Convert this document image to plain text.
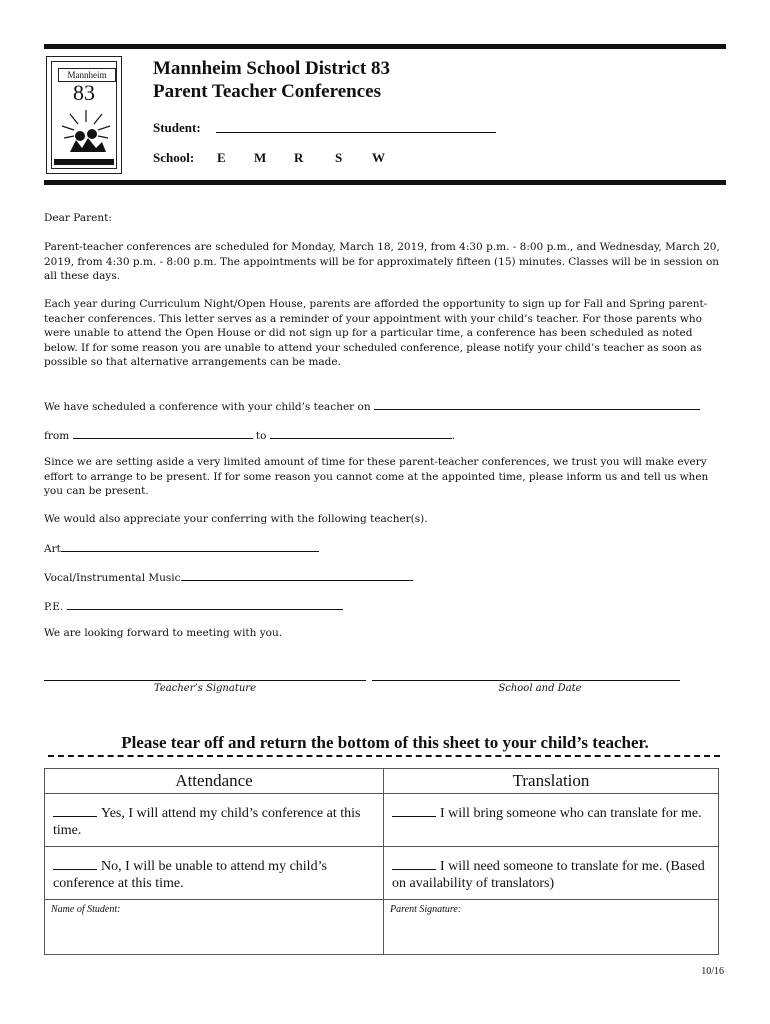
Mannheim
83
Mannheim School District 83
Parent Teacher Conferences
Student:
School: E M R S W
Dear Parent:
Parent-teacher conferences are scheduled for Monday, March 18, 2019, from 4:30 p.m. - 8:00 p.m., and Wednesday, March 20, 2019, from 4:30 p.m. - 8:00 p.m. The appointments will be for approximately fifteen (15) minutes. Classes will be in session on all these days.
Each year during Curriculum Night/Open House, parents are afforded the opportunity to sign up for Fall and Spring parent-teacher conferences. This letter serves as a reminder of your appointment with your child’s teacher. For those parents who were unable to attend the Open House or did not sign up for a particular time, a conference has been scheduled as noted below. If for some reason you are unable to attend your scheduled conference, please notify your child’s teacher as soon as possible so that alternative arrangements can be made.
We have scheduled a conference with your child’s teacher on
from	to	.
Since we are setting aside a very limited amount of time for these parent-teacher conferences, we trust you will make every effort to arrange to be present. If for some reason you cannot come at the appointed time, please inform us and tell us when you can be present.
We would also appreciate your conferring with the following teacher(s).
Art
Vocal/Instrumental Music
P.E.
We are looking forward to meeting with you.
Teacher’s Signature	School and Date
Please tear off and return the bottom of this sheet to your child’s teacher.
Attendance	Translation
Yes, I will attend my child’s conference at this time.	I will bring someone who can translate for me.
No, I will be unable to attend my child’s conference at this time.	I will need someone to translate for me. (Based on availability of translators)
Name of Student:	Parent Signature:
10/16
